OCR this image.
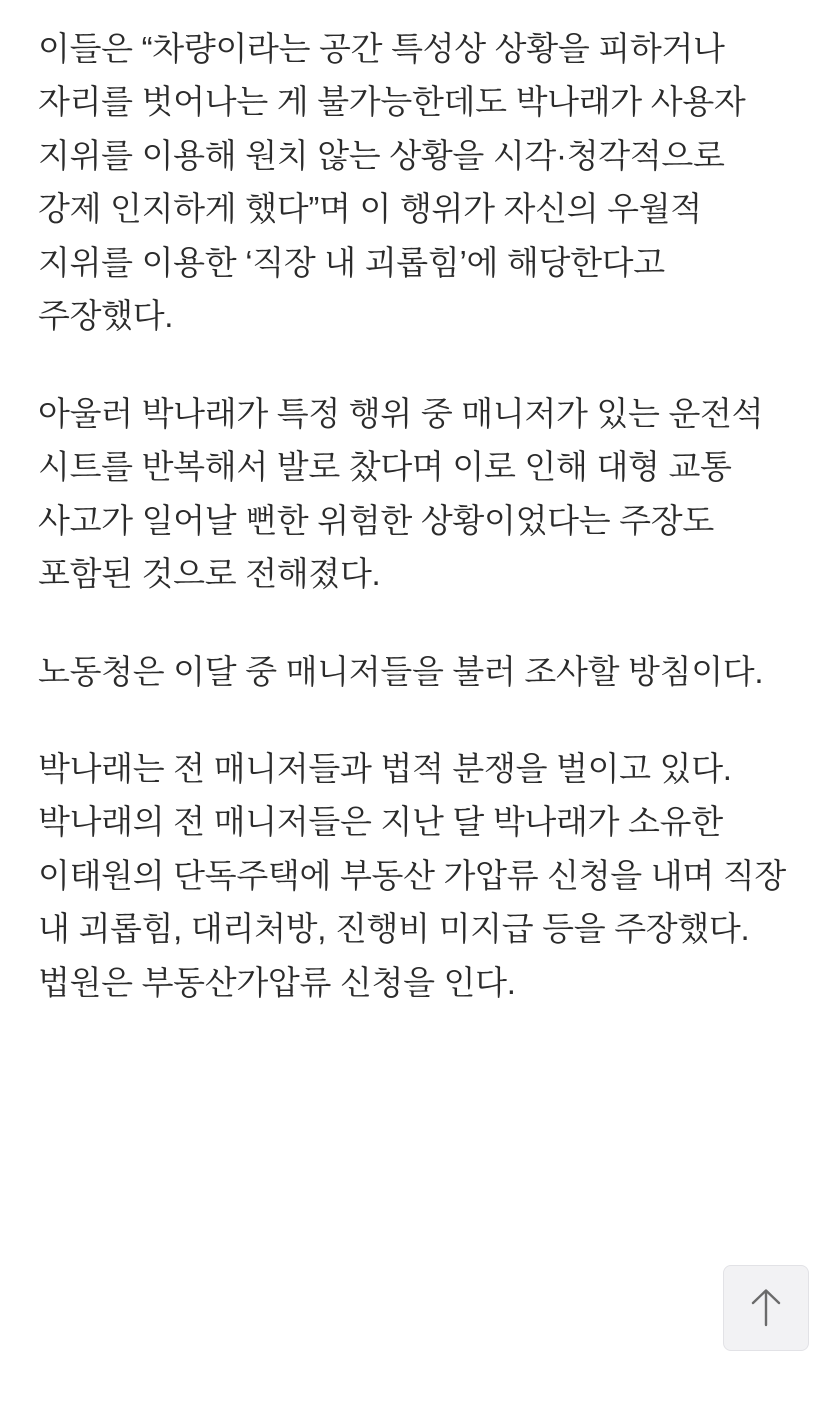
이들은 “차량이라는 공간 특성상 상황을 피하거나 자리를 벗어나는 게 불가능한데도 박나래가 사용자 지위를 이용해 원치 않는 상황을 시각·청각적으로 강제 인지하게 했다”며 이 행위가 자신의 우월적 지위를 이용한 ‘직장 내 괴롭힘’에 해당한다고 주장했다.

아울러 박나래가 특정 행위 중 매니저가 있는 운전석 시트를 반복해서 발로 찼다며 이로 인해 대형 교통 사고가 일어날 뻔한 위험한 상황이었다는 주장도 포함된 것으로 전해졌다.

노동청은 이달 중 매니저들을 불러 조사할 방침이다.

박나래는 전 매니저들과 법적 분쟁을 벌이고 있다. 박나래의 전 매니저들은 지난 달 박나래가 소유한 이태원의 단독주택에 부동산 가압류 신청을 내며 직장 내 괴롭힘, 대리처방, 진행비 미지급 등을 주장했다. 법원은 부동산가압류 신청을 인다.
